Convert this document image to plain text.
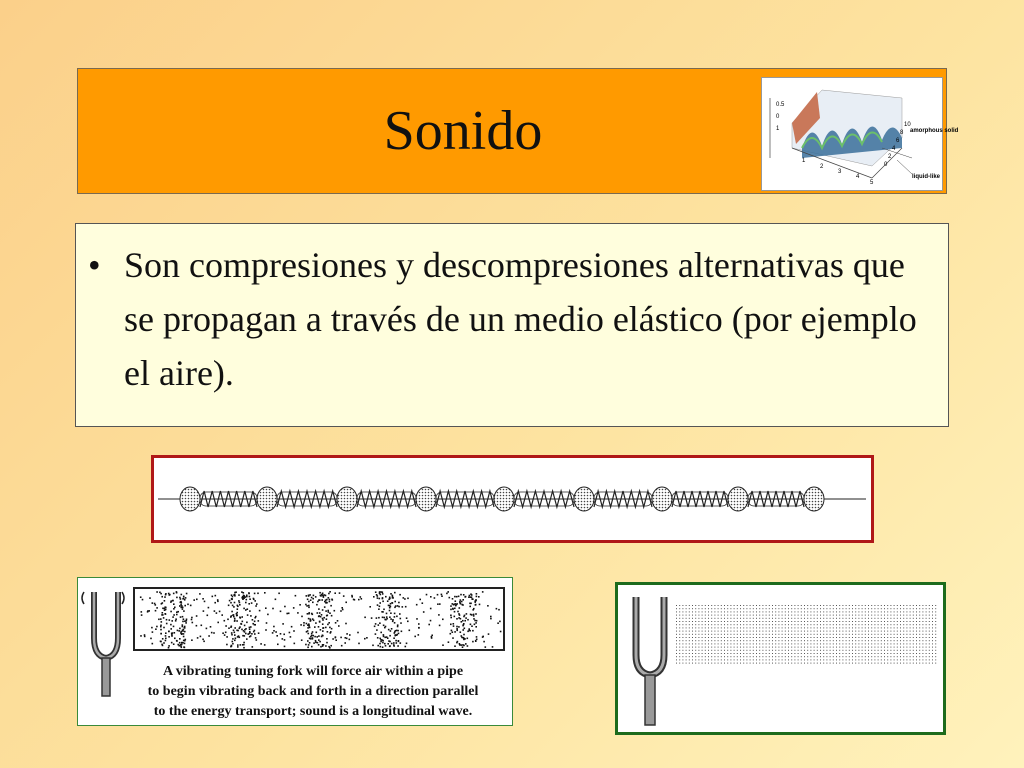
Sonido	0.5
0
1
1
2
3
4
5
10
8
6
4
2
0
amorphous solid
liquid-like
• Son compresiones y descompresiones alternativas que se propagan a través de un medio elástico (por ejemplo el aire).
A vibrating tuning fork will force air within a pipe
to begin vibrating back and forth in a direction parallel
to the energy transport; sound is a longitudinal wave.
